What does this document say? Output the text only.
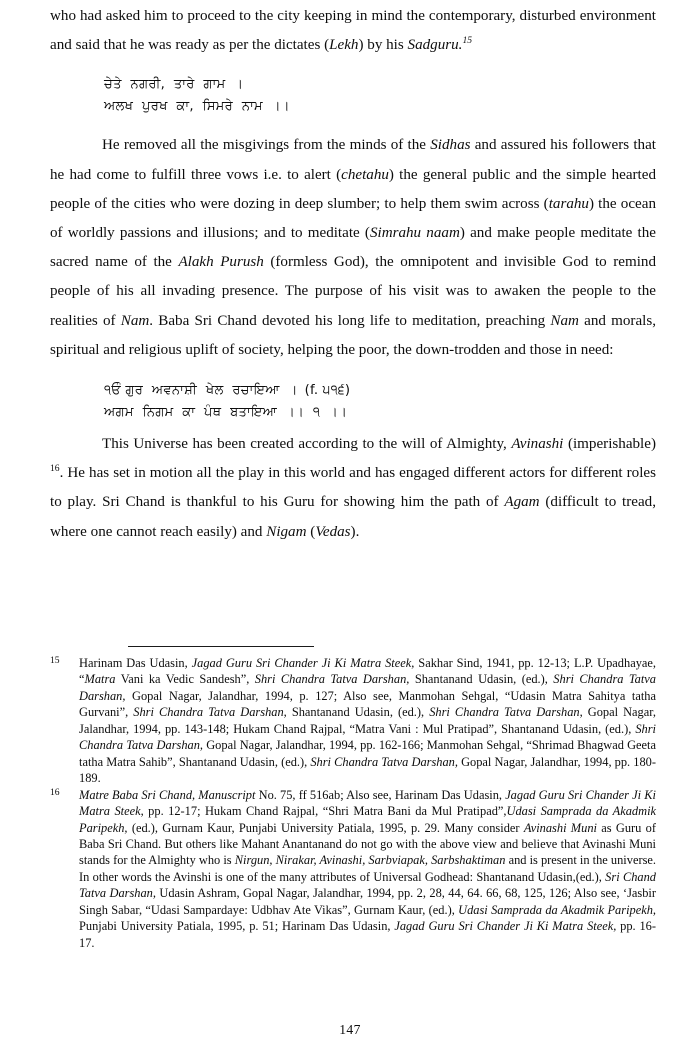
who had asked him to proceed to the city keeping in mind the contemporary, disturbed environment and said that he was ready as per the dictates (Lekh) by his Sadguru.$^{15}$

ਚੇਤੇ  ਨਗਰੀ,  ਤਾਰੇ  ਗਾਮ  ।
ਅਲਖ  ਪੁਰਖ  ਕਾ,  ਸਿਮਰੇ  ਨਾਮ  ।।

He removed all the misgivings from the minds of the Sidhas and assured his followers that he had come to fulfill three vows i.e. to alert (chetahu) the general public and the simple hearted people of the cities who were dozing in deep slumber; to help them swim across (tarahu) the ocean of worldly passions and illusions; and to meditate (Simrahu naam) and make people meditate the sacred name of the Alakh Purush (formless God), the omnipotent and invisible God to remind people of his all invading presence. The purpose of his visit was to awaken the people to the realities of Nam. Baba Sri Chand devoted his long life to meditation, preaching Nam and morals, spiritual and religious uplift of society, helping the poor, the down-trodden and those in need:

੧ਓੰ ਗੁਰ  ਅਵਨਾਸ਼ੀ  ਖੇਲ  ਰਚਾਇਆ  । (f. ੫੧੬)
ਅਗਮ  ਨਿਗਮ  ਕਾ  ਪੰਥ  ਬਤਾਇਆ  ।।  ੧  ।।

This Universe has been created according to the will of Almighty, Avinashi (imperishable) $^{16}$. He has set in motion all the play in this world and has engaged different actors for different roles to play. Sri Chand is thankful to his Guru for showing him the path of Agam (difficult to tread, where one cannot reach easily) and Nigam (Vedas).

15	Harinam Das Udasin, Jagad Guru Sri Chander Ji Ki Matra Steek, Sakhar Sind, 1941, pp. 12-13; L.P. Upadhayae, “Matra Vani ka Vedic Sandesh”, Shri Chandra Tatva Darshan, Shantanand Udasin, (ed.), Shri Chandra Tatva Darshan, Gopal Nagar, Jalandhar, 1994, p. 127; Also see, Manmohan Sehgal, “Udasin Matra Sahitya tatha Gurvani”, Shri Chandra Tatva Darshan, Shantanand Udasin, (ed.), Shri Chandra Tatva Darshan, Gopal Nagar, Jalandhar, 1994, pp. 143-148; Hukam Chand Rajpal, “Matra Vani : Mul Pratipad”, Shantanand Udasin, (ed.), Shri Chandra Tatva Darshan, Gopal Nagar, Jalandhar, 1994, pp. 162-166; Manmohan Sehgal, “Shrimad Bhagwad Geeta tatha Matra Sahib”, Shantanand Udasin, (ed.), Shri Chandra Tatva Darshan, Gopal Nagar, Jalandhar, 1994, pp. 180-189.
16	Matre Baba Sri Chand, Manuscript No. 75, ff 516ab; Also see, Harinam Das Udasin, Jagad Guru Sri Chander Ji Ki Matra Steek, pp. 12-17; Hukam Chand Rajpal, “Shri Matra Bani da Mul Pratipad”,Udasi Samprada da Akadmik Paripekh, (ed.), Gurnam Kaur, Punjabi University Patiala, 1995, p. 29. Many consider Avinashi Muni as Guru of Baba Sri Chand. But others like Mahant Anantanand do not go with the above view and believe that Avinashi Muni stands for the Almighty who is Nirgun, Nirakar, Avinashi, Sarbviapak, Sarbshaktiman and is present in the universe. In other words the Avinshi is one of the many attributes of Universal Godhead: Shantanand Udasin,(ed.), Sri Chand Tatva Darshan, Udasin Ashram, Gopal Nagar, Jalandhar, 1994, pp. 2, 28, 44, 64. 66, 68, 125, 126; Also see, ‘Jasbir Singh Sabar, “Udasi Sampardaye: Udbhav Ate Vikas”, Gurnam Kaur, (ed.), Udasi Samprada da Akadmik Paripekh, Punjabi University Patiala, 1995, p. 51; Harinam Das Udasin, Jagad Guru Sri Chander Ji Ki Matra Steek, pp. 16-17.
147
